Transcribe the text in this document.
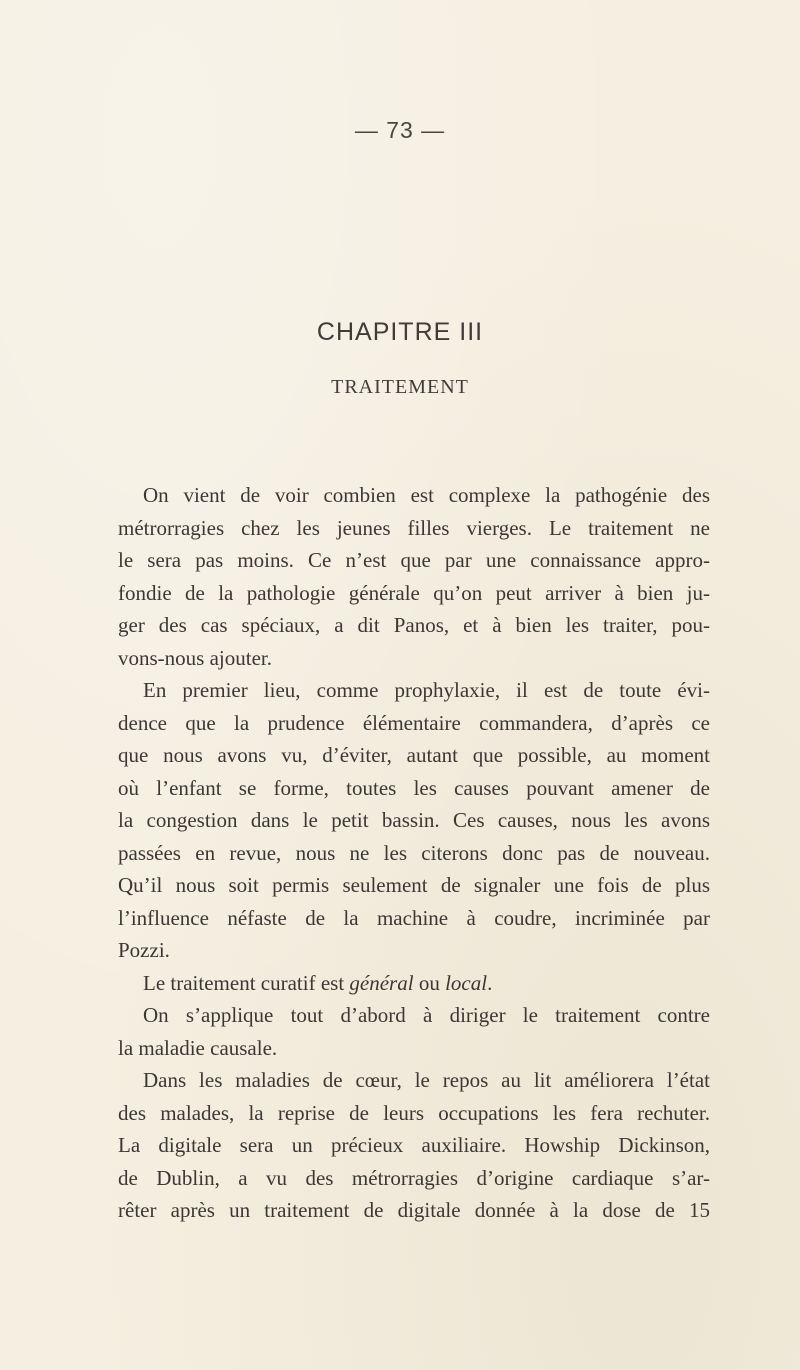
— 73 —
CHAPITRE III
TRAITEMENT
On vient de voir combien est complexe la pathogénie des
métrorragies chez les jeunes filles vierges. Le traitement ne
le sera pas moins. Ce n’est que par une connaissance appro-
fondie de la pathologie générale qu’on peut arriver à bien ju-
ger des cas spéciaux, a dit Panos, et à bien les traiter, pou-
vons-nous ajouter.
En premier lieu, comme prophylaxie, il est de toute évi-
dence que la prudence élémentaire commandera, d’après ce
que nous avons vu, d’éviter, autant que possible, au moment
où l’enfant se forme, toutes les causes pouvant amener de
la congestion dans le petit bassin. Ces causes, nous les avons
passées en revue, nous ne les citerons donc pas de nouveau.
Qu’il nous soit permis seulement de signaler une fois de plus
l’influence néfaste de la machine à coudre, incriminée par
Pozzi.
Le traitement curatif est général ou local.
On s’applique tout d’abord à diriger le traitement contre
la maladie causale.
Dans les maladies de cœur, le repos au lit améliorera l’état
des malades, la reprise de leurs occupations les fera rechuter.
La digitale sera un précieux auxiliaire. Howship Dickinson,
de Dublin, a vu des métrorragies d’origine cardiaque s’ar-
rêter après un traitement de digitale donnée à la dose de 15
